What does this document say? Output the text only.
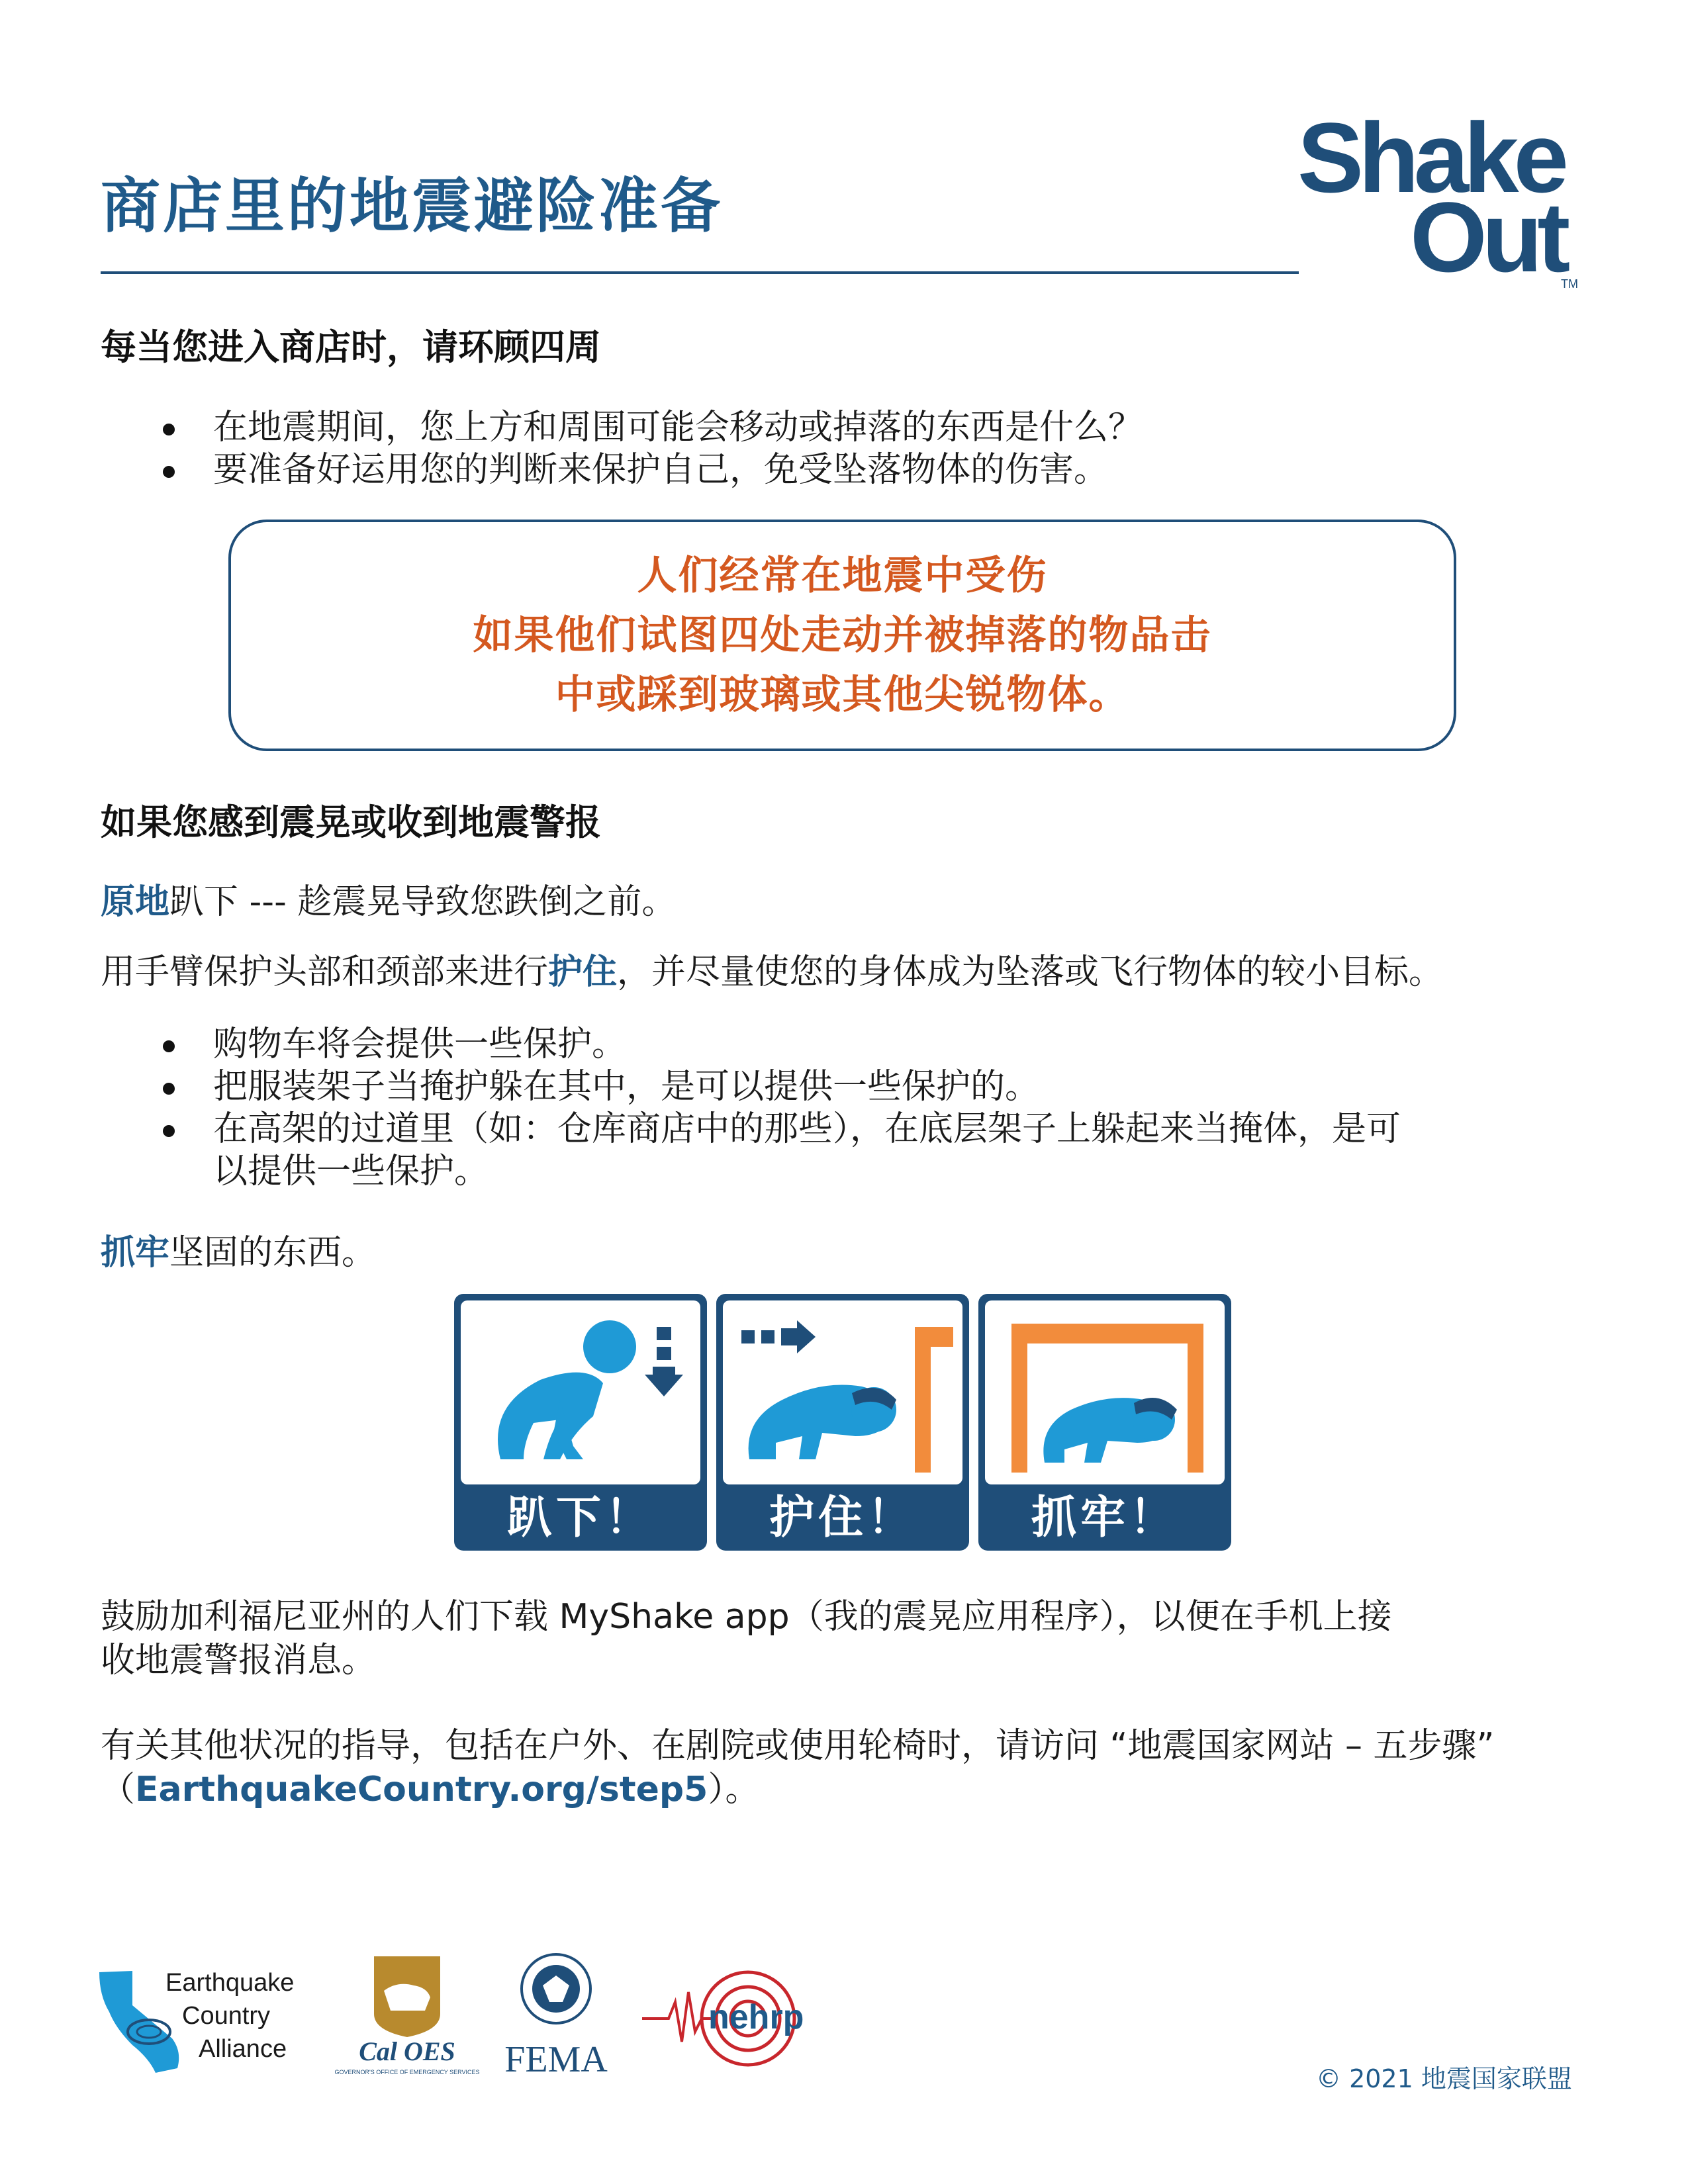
商店里的地震避险准备	Shake
Out
TM
每当您进入商店时，请环顾四周
在地震期间，您上方和周围可能会移动或掉落的东西是什么？
要准备好运用您的判断来保护自己，免受坠落物体的伤害。
人们经常在地震中受伤
如果他们试图四处走动并被掉落的物品击
中或踩到玻璃或其他尖锐物体。
如果您感到震晃或收到地震警报
原地趴下 --- 趁震晃导致您跌倒之前。
用手臂保护头部和颈部来进行护住，并尽量使您的身体成为坠落或飞行物体的较小目标。
购物车将会提供一些保护。
把服装架子当掩护躲在其中，是可以提供一些保护的。
在高架的过道里（如：仓库商店中的那些），在底层架子上躲起来当掩体，是可
以提供一些保护。
抓牢坚固的东西。
趴下！	护住！	抓牢！
鼓励加利福尼亚州的人们下载 MyShake app（我的震晃应用程序），以便在手机上接
收地震警报消息。
有关其他状况的指导，包括在户外、在剧院或使用轮椅时，请访问 “地震国家网站 – 五步骤”
（EarthquakeCountry.org/step5）。
Earthquake
Country
Alliance	Cal OES
GOVERNOR'S OFFICE OF EMERGENCY SERVICES FEMA
nehrp
© 2021 地震国家联盟
